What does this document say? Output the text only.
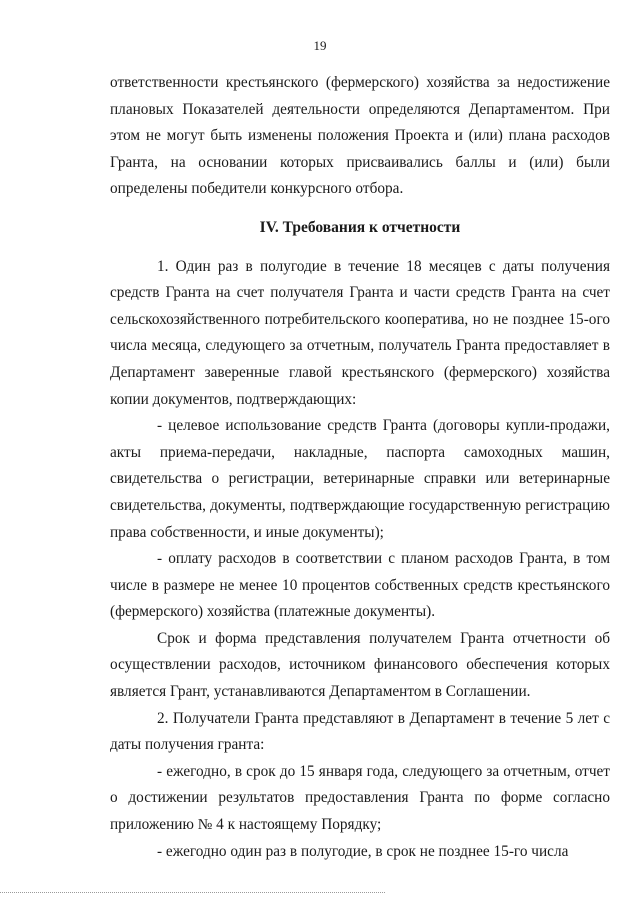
19

ответственности крестьянского (фермерского) хозяйства за недостижение плановых Показателей деятельности определяются Департаментом. При этом не могут быть изменены положения Проекта и (или) плана расходов Гранта, на основании которых присваивались баллы и (или) были определены победители конкурсного отбора.

IV. Требования к отчетности

1. Один раз в полугодие в течение 18 месяцев с даты получения средств Гранта на счет получателя Гранта и части средств Гранта на счет сельскохозяйственного потребительского кооператива, но не позднее 15-ого числа месяца, следующего за отчетным, получатель Гранта предоставляет в Департамент заверенные главой крестьянского (фермерского) хозяйства копии документов, подтверждающих:

- целевое использование средств Гранта (договоры купли-продажи, акты приема-передачи, накладные, паспорта самоходных машин, свидетельства о регистрации, ветеринарные справки или ветеринарные свидетельства, документы, подтверждающие государственную регистрацию права собственности, и иные документы);

- оплату расходов в соответствии с планом расходов Гранта, в том числе в размере не менее 10 процентов собственных средств крестьянского (фермерского) хозяйства (платежные документы).

Срок и форма представления получателем Гранта отчетности об осуществлении расходов, источником финансового обеспечения которых является Грант, устанавливаются Департаментом в Соглашении.

2. Получатели Гранта представляют в Департамент в течение 5 лет с даты получения гранта:

- ежегодно, в срок до 15 января года, следующего за отчетным, отчет о достижении результатов предоставления Гранта по форме согласно приложению № 4 к настоящему Порядку;

- ежегодно один раз в полугодие, в срок не позднее 15-го числа
